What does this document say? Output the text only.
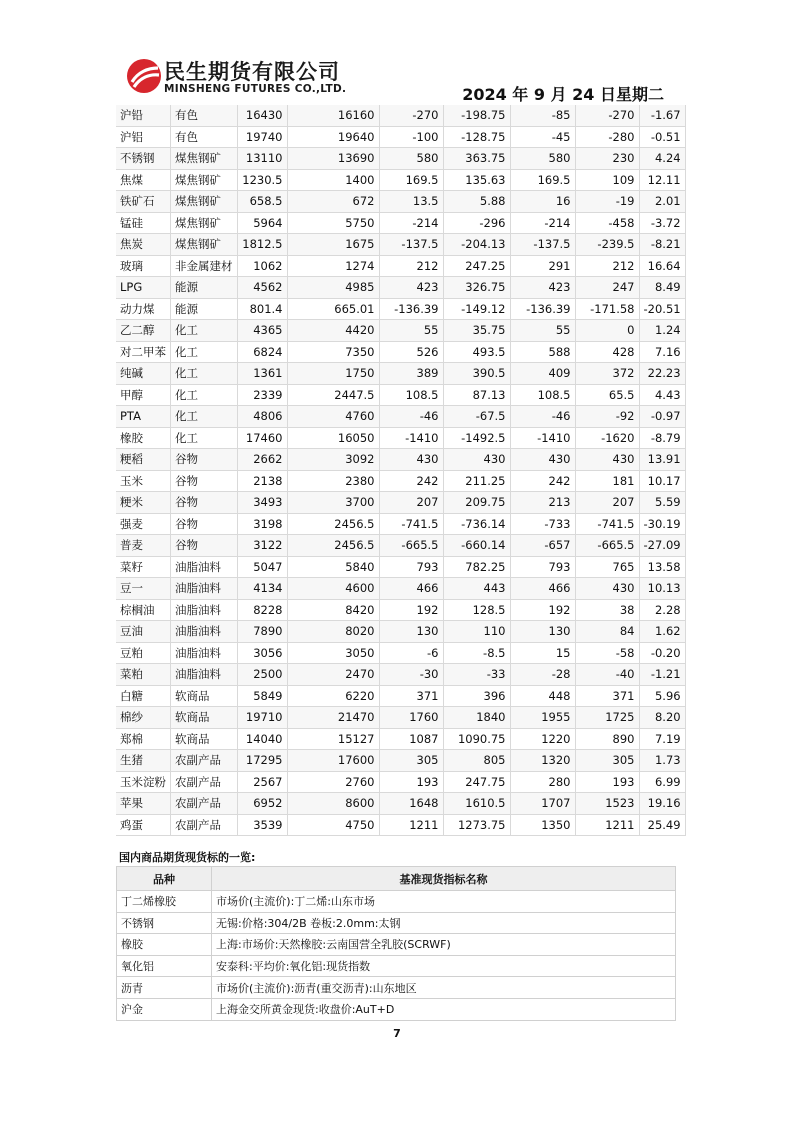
民生期货有限公司
MINSHENG FUTURES CO.,LTD.	2024 年 9 月 24 日星期二
沪铅	有色	16430	16160	-270	-198.75	-85	-270	-1.67
沪铝	有色	19740	19640	-100	-128.75	-45	-280	-0.51
不锈钢	煤焦钢矿	13110	13690	580	363.75	580	230	4.24
焦煤	煤焦钢矿	1230.5	1400	169.5	135.63	169.5	109	12.11
铁矿石	煤焦钢矿	658.5	672	13.5	5.88	16	-19	2.01
锰硅	煤焦钢矿	5964	5750	-214	-296	-214	-458	-3.72
焦炭	煤焦钢矿	1812.5	1675	-137.5	-204.13	-137.5	-239.5	-8.21
玻璃	非金属建材	1062	1274	212	247.25	291	212	16.64
LPG	能源	4562	4985	423	326.75	423	247	8.49
动力煤	能源	801.4	665.01	-136.39	-149.12	-136.39	-171.58	-20.51
乙二醇	化工	4365	4420	55	35.75	55	0	1.24
对二甲苯	化工	6824	7350	526	493.5	588	428	7.16
纯碱	化工	1361	1750	389	390.5	409	372	22.23
甲醇	化工	2339	2447.5	108.5	87.13	108.5	65.5	4.43
PTA	化工	4806	4760	-46	-67.5	-46	-92	-0.97
橡胶	化工	17460	16050	-1410	-1492.5	-1410	-1620	-8.79
粳稻	谷物	2662	3092	430	430	430	430	13.91
玉米	谷物	2138	2380	242	211.25	242	181	10.17
粳米	谷物	3493	3700	207	209.75	213	207	5.59
强麦	谷物	3198	2456.5	-741.5	-736.14	-733	-741.5	-30.19
普麦	谷物	3122	2456.5	-665.5	-660.14	-657	-665.5	-27.09
菜籽	油脂油料	5047	5840	793	782.25	793	765	13.58
豆一	油脂油料	4134	4600	466	443	466	430	10.13
棕榈油	油脂油料	8228	8420	192	128.5	192	38	2.28
豆油	油脂油料	7890	8020	130	110	130	84	1.62
豆粕	油脂油料	3056	3050	-6	-8.5	15	-58	-0.20
菜粕	油脂油料	2500	2470	-30	-33	-28	-40	-1.21
白糖	软商品	5849	6220	371	396	448	371	5.96
棉纱	软商品	19710	21470	1760	1840	1955	1725	8.20
郑棉	软商品	14040	15127	1087	1090.75	1220	890	7.19
生猪	农副产品	17295	17600	305	805	1320	305	1.73
玉米淀粉	农副产品	2567	2760	193	247.75	280	193	6.99
苹果	农副产品	6952	8600	1648	1610.5	1707	1523	19.16
鸡蛋	农副产品	3539	4750	1211	1273.75	1350	1211	25.49
国内商品期货现货标的一览:
品种	基准现货指标名称
丁二烯橡胶	市场价(主流价):丁二烯:山东市场
不锈钢	无锡:价格:304/2B 卷板:2.0mm:太钢
橡胶	上海:市场价:天然橡胶:云南国营全乳胶(SCRWF)
氧化铝	安泰科:平均价:氧化铝:现货指数
沥青	市场价(主流价):沥青(重交沥青):山东地区
沪金	上海金交所黄金现货:收盘价:AuT+D
7
